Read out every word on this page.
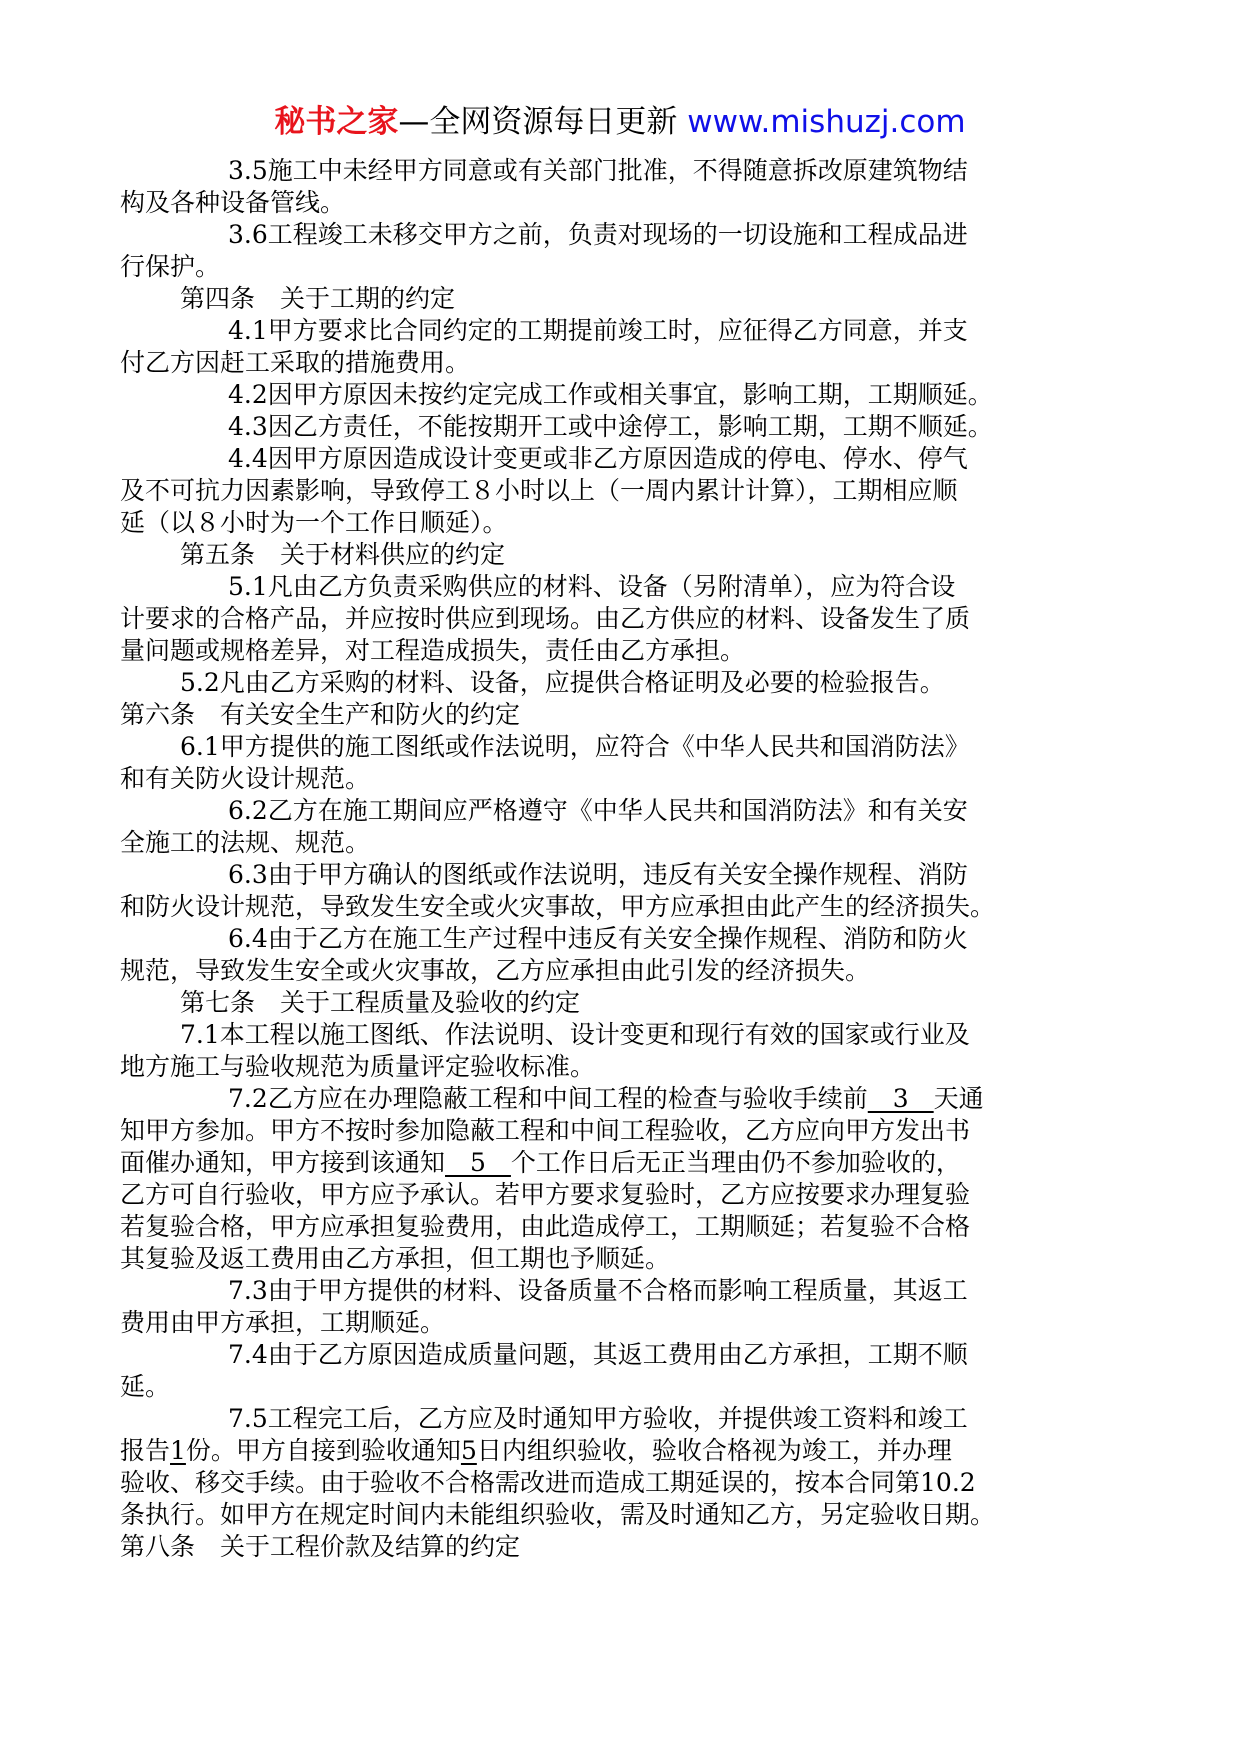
秘书之家—全网资源每日更新 www.mishuzj.com

3.5施工中未经甲方同意或有关部门批准，不得随意拆改原建筑物结

构及各种设备管线。

3.6工程竣工未移交甲方之前，负责对现场的一切设施和工程成品进

行保护。

第四条　关于工期的约定

4.1甲方要求比合同约定的工期提前竣工时，应征得乙方同意，并支

付乙方因赶工采取的措施费用。

4.2因甲方原因未按约定完成工作或相关事宜，影响工期，工期顺延。

4.3因乙方责任，不能按期开工或中途停工，影响工期，工期不顺延。

4.4因甲方原因造成设计变更或非乙方原因造成的停电、停水、停气

及不可抗力因素影响，导致停工８小时以上（一周内累计计算），工期相应顺

延（以８小时为一个工作日顺延）。

第五条　关于材料供应的约定

5.1凡由乙方负责采购供应的材料、设备（另附清单），应为符合设

计要求的合格产品，并应按时供应到现场。由乙方供应的材料、设备发生了质

量问题或规格差异，对工程造成损失，责任由乙方承担。

5.2凡由乙方采购的材料、设备，应提供合格证明及必要的检验报告。

第六条　有关安全生产和防火的约定

6.1甲方提供的施工图纸或作法说明，应符合《中华人民共和国消防法》

和有关防火设计规范。

6.2乙方在施工期间应严格遵守《中华人民共和国消防法》和有关安

全施工的法规、规范。

6.3由于甲方确认的图纸或作法说明，违反有关安全操作规程、消防

和防火设计规范，导致发生安全或火灾事故，甲方应承担由此产生的经济损失。

6.4由于乙方在施工生产过程中违反有关安全操作规程、消防和防火

规范，导致发生安全或火灾事故，乙方应承担由此引发的经济损失。

第七条　关于工程质量及验收的约定

7.1本工程以施工图纸、作法说明、设计变更和现行有效的国家或行业及

地方施工与验收规范为质量评定验收标准。

7.2乙方应在办理隐蔽工程和中间工程的检查与验收手续前　3　天通

知甲方参加。甲方不按时参加隐蔽工程和中间工程验收，乙方应向甲方发出书

面催办通知，甲方接到该通知　5　个工作日后无正当理由仍不参加验收的，

乙方可自行验收，甲方应予承认。若甲方要求复验时，乙方应按要求办理复验

若复验合格，甲方应承担复验费用，由此造成停工，工期顺延；若复验不合格

其复验及返工费用由乙方承担，但工期也予顺延。

7.3由于甲方提供的材料、设备质量不合格而影响工程质量，其返工

费用由甲方承担，工期顺延。

7.4由于乙方原因造成质量问题，其返工费用由乙方承担，工期不顺

延。

7.5工程完工后，乙方应及时通知甲方验收，并提供竣工资料和竣工

报告1份。甲方自接到验收通知5日内组织验收，验收合格视为竣工，并办理

验收、移交手续。由于验收不合格需改进而造成工期延误的，按本合同第10.2

条执行。如甲方在规定时间内未能组织验收，需及时通知乙方，另定验收日期。

第八条　关于工程价款及结算的约定
